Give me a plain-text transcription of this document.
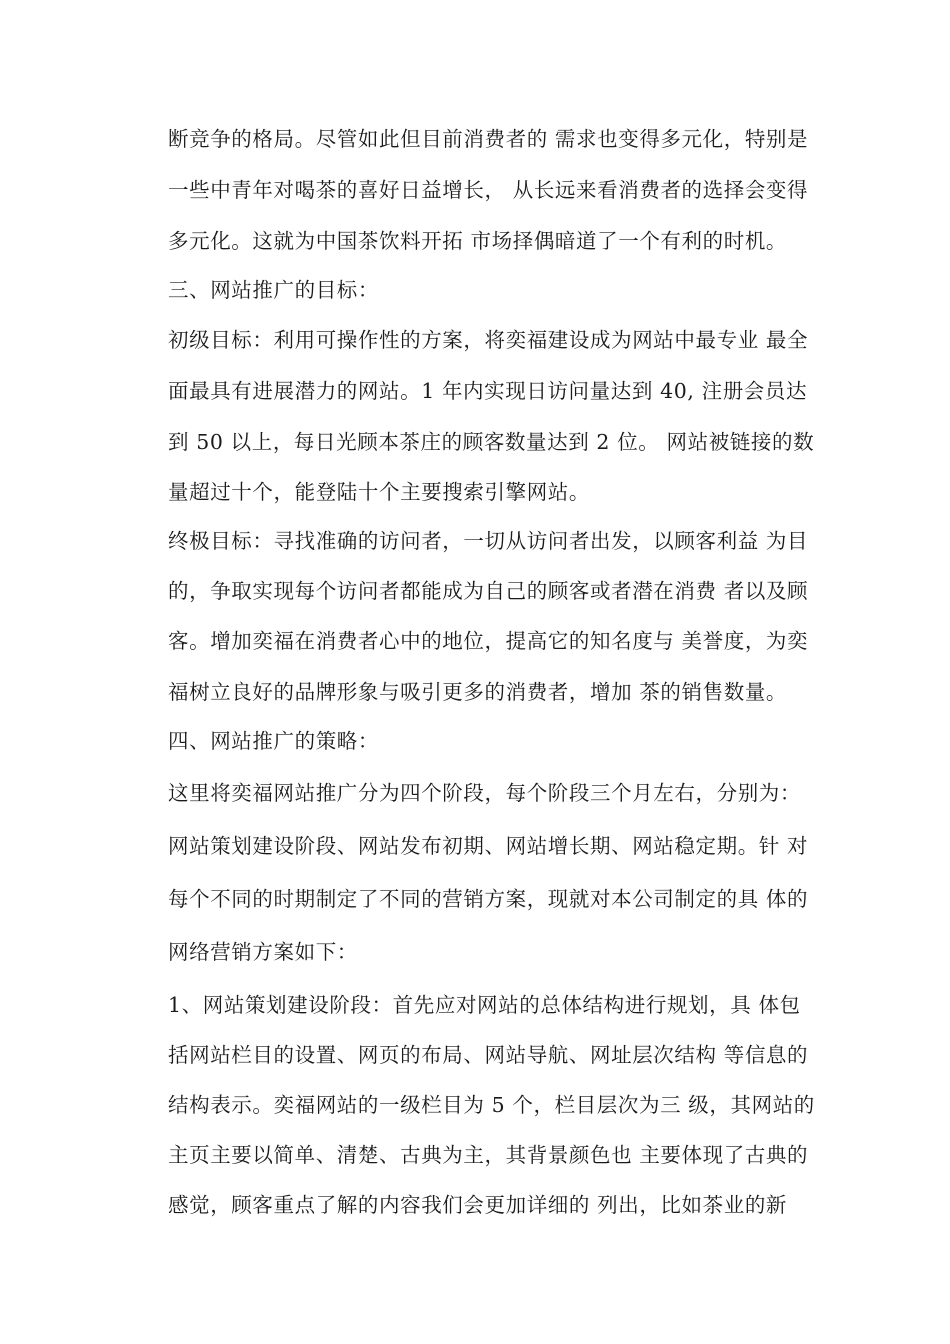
断竞争的格局。尽管如此但目前消费者的 需求也变得多元化，特别是
一些中青年对喝茶的喜好日益增长， 从长远来看消费者的选择会变得
多元化。这就为中国茶饮料开拓 市场择偶暗道了一个有利的时机。
三、网站推广的目标：
初级目标：利用可操作性的方案，将奕福建设成为网站中最专业 最全
面最具有进展潜力的网站。1 年内实现日访问量达到 40, 注册会员达
到 50 以上，每日光顾本茶庄的顾客数量达到 2 位。 网站被链接的数
量超过十个，能登陆十个主要搜索引擎网站。
终极目标：寻找准确的访问者，一切从访问者出发，以顾客利益 为目
的，争取实现每个访问者都能成为自己的顾客或者潜在消费 者以及顾
客。增加奕福在消费者心中的地位，提高它的知名度与 美誉度，为奕
福树立良好的品牌形象与吸引更多的消费者，增加 茶的销售数量。
四、网站推广的策略：
这里将奕福网站推广分为四个阶段，每个阶段三个月左右，分别为：
网站策划建设阶段、网站发布初期、网站增长期、网站稳定期。针 对
每个不同的时期制定了不同的营销方案，现就对本公司制定的具 体的
网络营销方案如下：
1、网站策划建设阶段：首先应对网站的总体结构进行规划，具 体包
括网站栏目的设置、网页的布局、网站导航、网址层次结构 等信息的
结构表示。奕福网站的一级栏目为 5 个，栏目层次为三 级，其网站的
主页主要以简单、清楚、古典为主，其背景颜色也 主要体现了古典的
感觉，顾客重点了解的内容我们会更加详细的 列出，比如茶业的新
